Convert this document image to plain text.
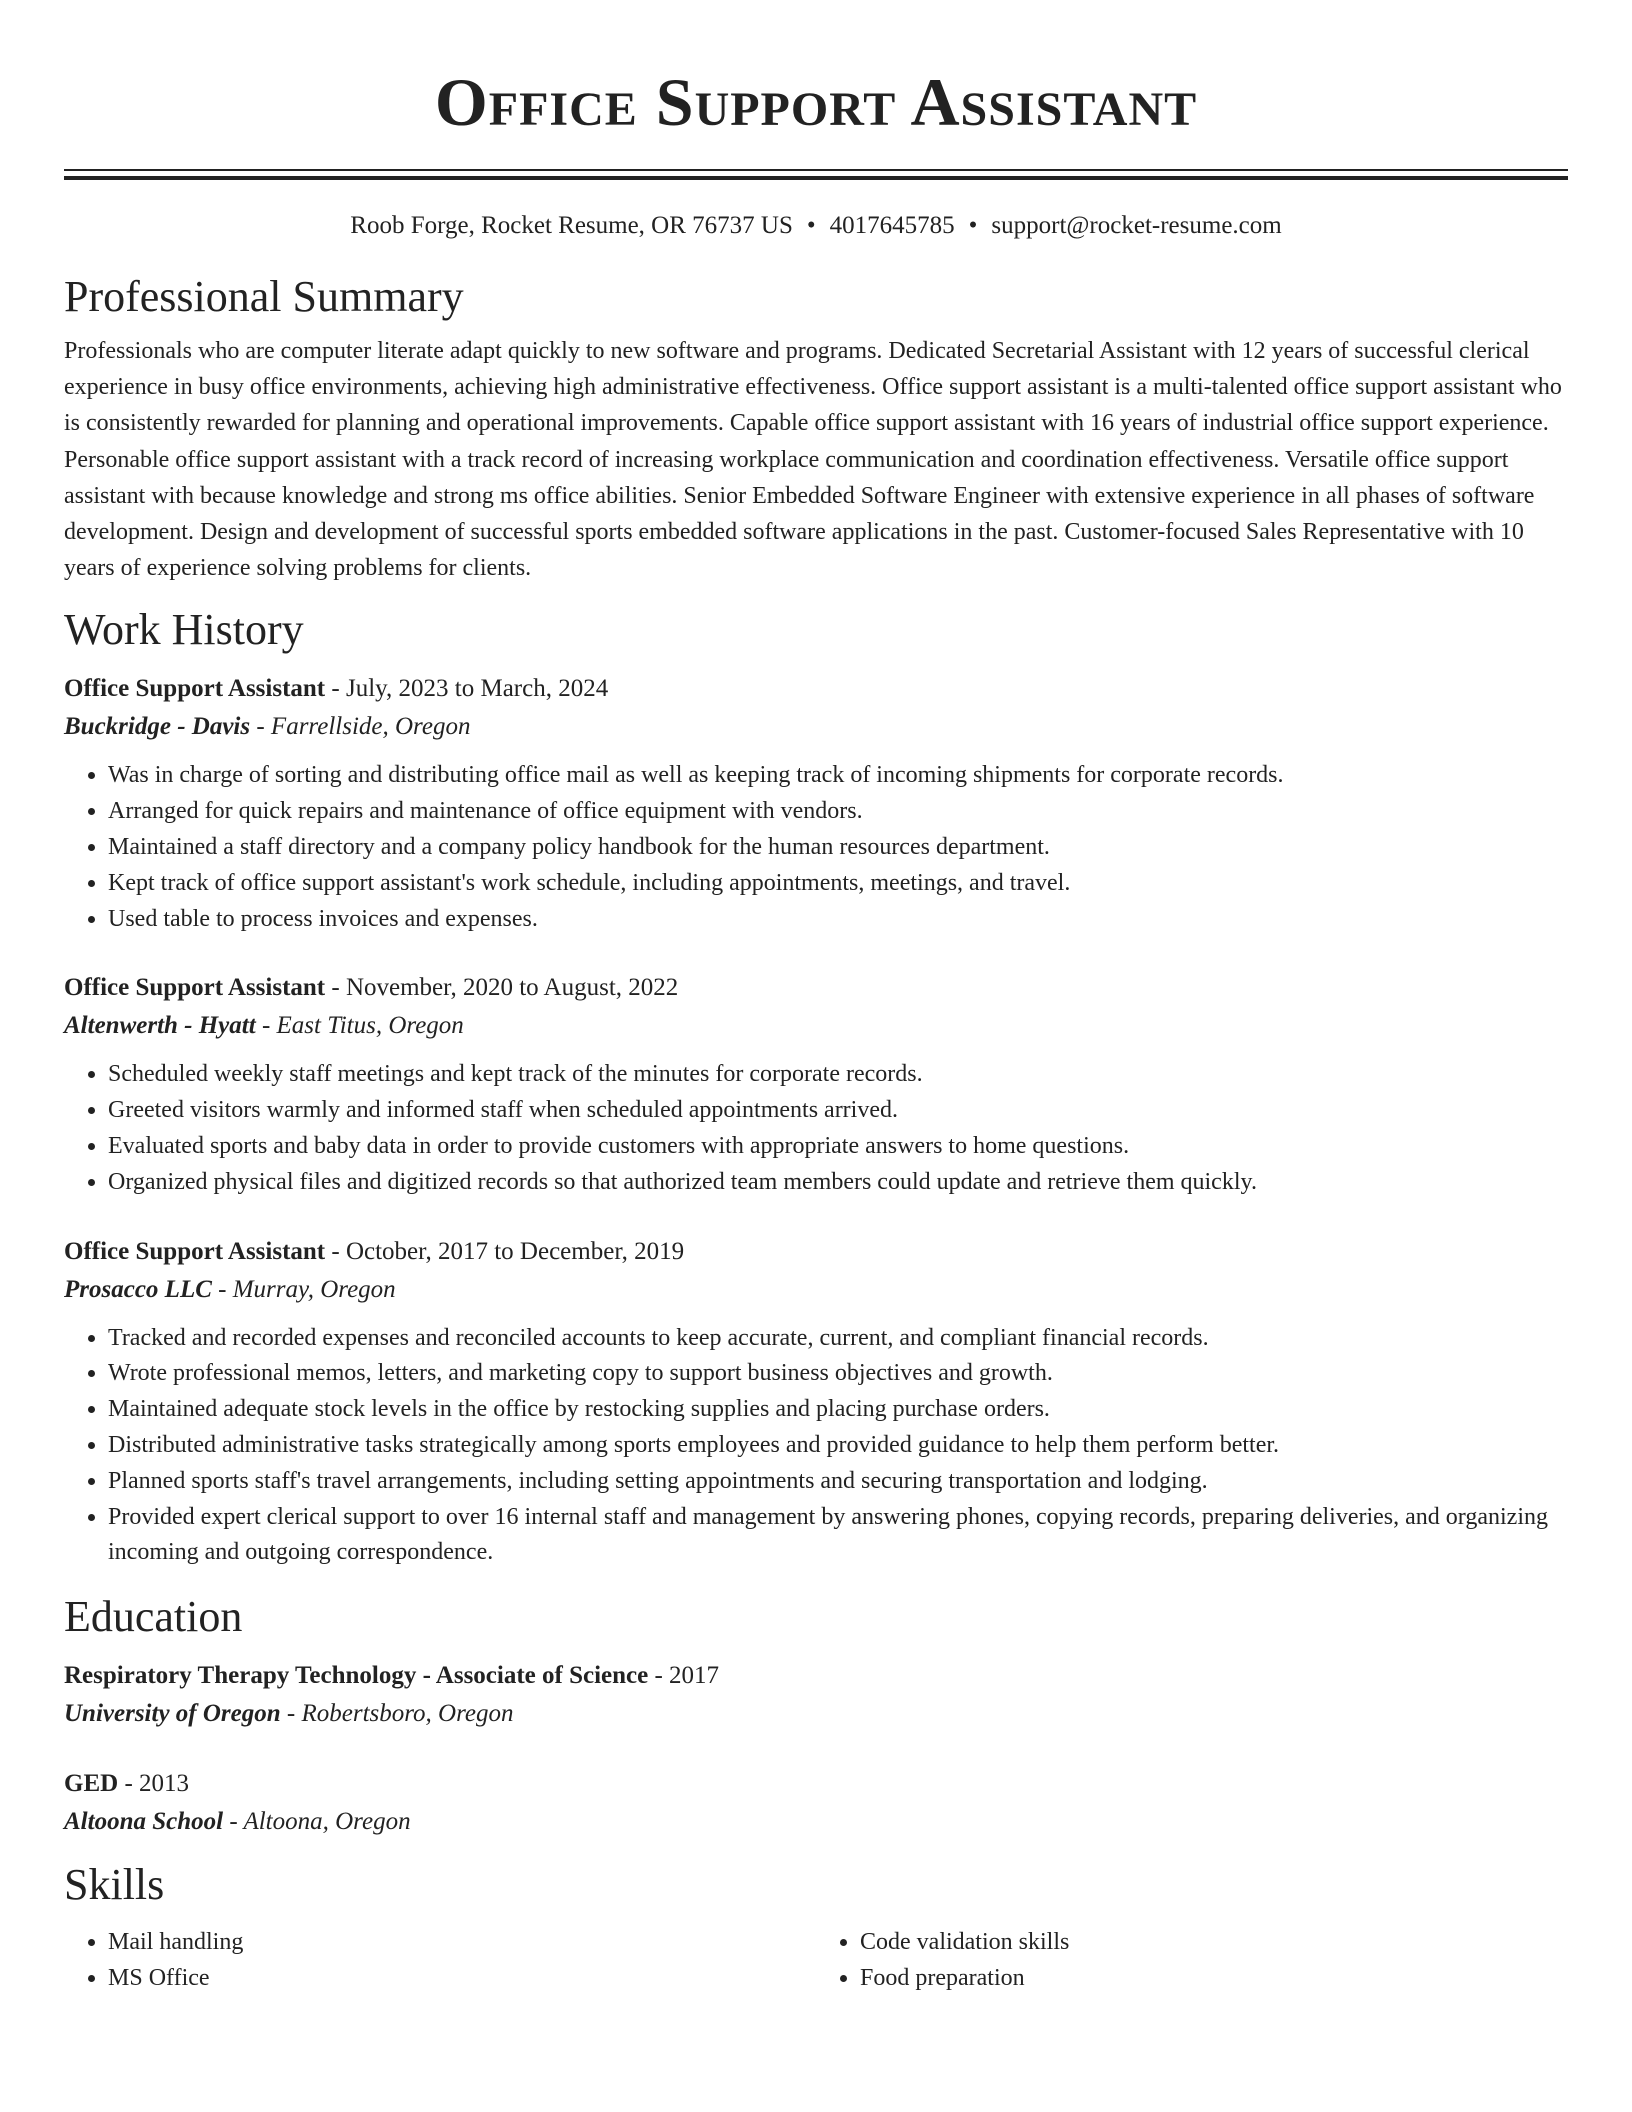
Office Support Assistant
Roob Forge, Rocket Resume, OR 76737 US • 4017645785 • support@rocket-resume.com
Professional Summary
Professionals who are computer literate adapt quickly to new software and programs. Dedicated Secretarial Assistant with 12 years of successful clerical experience in busy office environments, achieving high administrative effectiveness. Office support assistant is a multi-talented office support assistant who is consistently rewarded for planning and operational improvements. Capable office support assistant with 16 years of industrial office support experience. Personable office support assistant with a track record of increasing workplace communication and coordination effectiveness. Versatile office support assistant with because knowledge and strong ms office abilities. Senior Embedded Software Engineer with extensive experience in all phases of software development. Design and development of successful sports embedded software applications in the past. Customer-focused Sales Representative with 10 years of experience solving problems for clients.
Work History
Office Support Assistant - July, 2023 to March, 2024
Buckridge - Davis - Farrellside, Oregon
• Was in charge of sorting and distributing office mail as well as keeping track of incoming shipments for corporate records.
• Arranged for quick repairs and maintenance of office equipment with vendors.
• Maintained a staff directory and a company policy handbook for the human resources department.
• Kept track of office support assistant's work schedule, including appointments, meetings, and travel.
• Used table to process invoices and expenses.
Office Support Assistant - November, 2020 to August, 2022
Altenwerth - Hyatt - East Titus, Oregon
• Scheduled weekly staff meetings and kept track of the minutes for corporate records.
• Greeted visitors warmly and informed staff when scheduled appointments arrived.
• Evaluated sports and baby data in order to provide customers with appropriate answers to home questions.
• Organized physical files and digitized records so that authorized team members could update and retrieve them quickly.
Office Support Assistant - October, 2017 to December, 2019
Prosacco LLC - Murray, Oregon
• Tracked and recorded expenses and reconciled accounts to keep accurate, current, and compliant financial records.
• Wrote professional memos, letters, and marketing copy to support business objectives and growth.
• Maintained adequate stock levels in the office by restocking supplies and placing purchase orders.
• Distributed administrative tasks strategically among sports employees and provided guidance to help them perform better.
• Planned sports staff's travel arrangements, including setting appointments and securing transportation and lodging.
• Provided expert clerical support to over 16 internal staff and management by answering phones, copying records, preparing deliveries, and organizing incoming and outgoing correspondence.
Education
Respiratory Therapy Technology - Associate of Science - 2017
University of Oregon - Robertsboro, Oregon
GED - 2013
Altoona School - Altoona, Oregon
Skills
• Mail handling
• MS Office
• Code validation skills
• Food preparation
